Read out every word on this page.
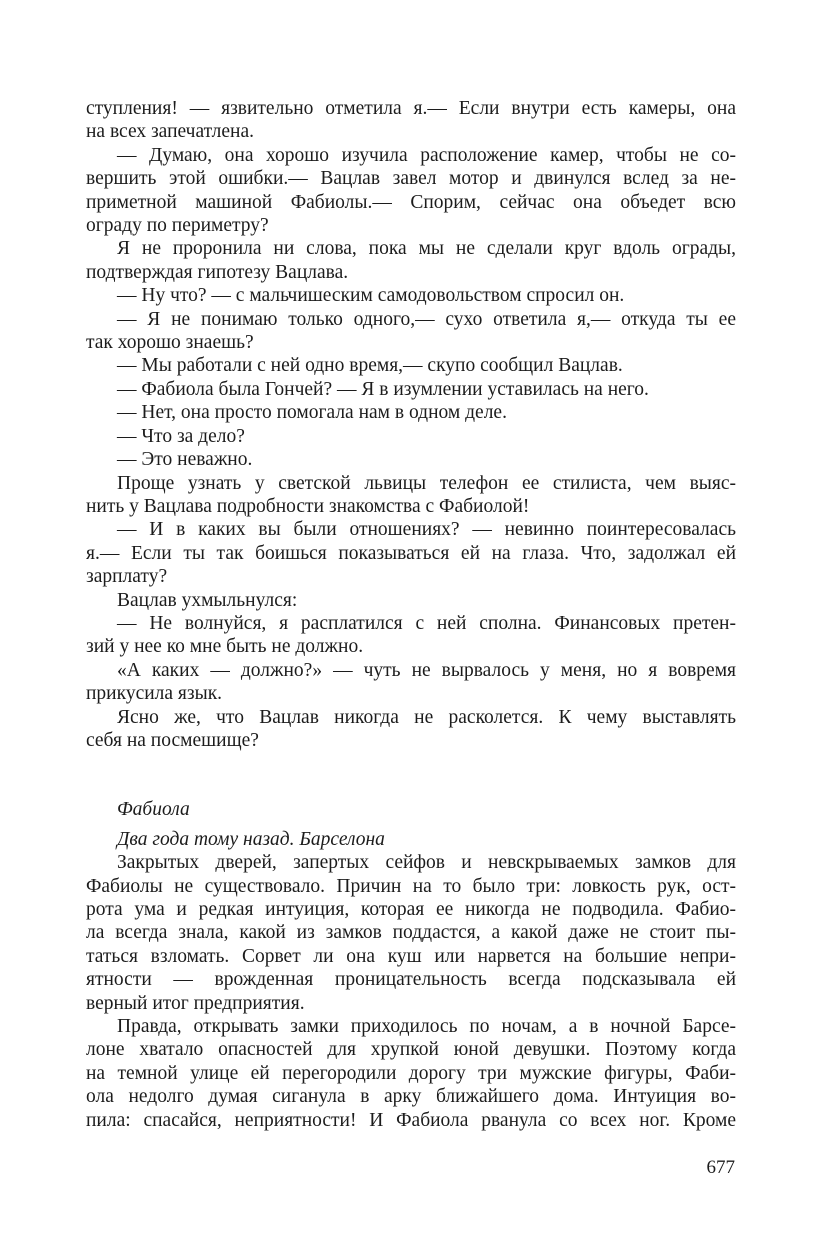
ступления! — язвительно отметила я.— Если внутри есть камеры, она
на всех запечатлена.
— Думаю, она хорошо изучила расположение камер, чтобы не со-
вершить этой ошибки.— Вацлав завел мотор и двинулся вслед за не-
приметной машиной Фабиолы.— Спорим, сейчас она объедет всю
ограду по периметру?
Я не проронила ни слова, пока мы не сделали круг вдоль ограды,
подтверждая гипотезу Вацлава.
— Ну что? — с мальчишеским самодовольством спросил он.
— Я не понимаю только одного,— сухо ответила я,— откуда ты ее
так хорошо знаешь?
— Мы работали с ней одно время,— скупо сообщил Вацлав.
— Фабиола была Гончей? — Я в изумлении уставилась на него.
— Нет, она просто помогала нам в одном деле.
— Что за дело?
— Это неважно.
Проще узнать у светской львицы телефон ее стилиста, чем выяс-
нить у Вацлава подробности знакомства с Фабиолой!
— И в каких вы были отношениях? — невинно поинтересовалась
я.— Если ты так боишься показываться ей на глаза. Что, задолжал ей
зарплату?
Вацлав ухмыльнулся:
— Не волнуйся, я расплатился с ней сполна. Финансовых претен-
зий у нее ко мне быть не должно.
«А каких — должно?» — чуть не вырвалось у меня, но я вовремя
прикусила язык.
Ясно же, что Вацлав никогда не расколется. К чему выставлять
себя на посмешище?
Фабиола
Два года тому назад. Барселона
Закрытых дверей, запертых сейфов и невскрываемых замков для
Фабиолы не существовало. Причин на то было три: ловкость рук, ост-
рота ума и редкая интуиция, которая ее никогда не подводила. Фабио-
ла всегда знала, какой из замков поддастся, а какой даже не стоит пы-
таться взломать. Сорвет ли она куш или нарвется на большие непри-
ятности — врожденная проницательность всегда подсказывала ей
верный итог предприятия.
Правда, открывать замки приходилось по ночам, а в ночной Барсе-
лоне хватало опасностей для хрупкой юной девушки. Поэтому когда
на темной улице ей перегородили дорогу три мужские фигуры, Фаби-
ола недолго думая сиганула в арку ближайшего дома. Интуиция во-
пила: спасайся, неприятности! И Фабиола рванула со всех ног. Кроме
677
